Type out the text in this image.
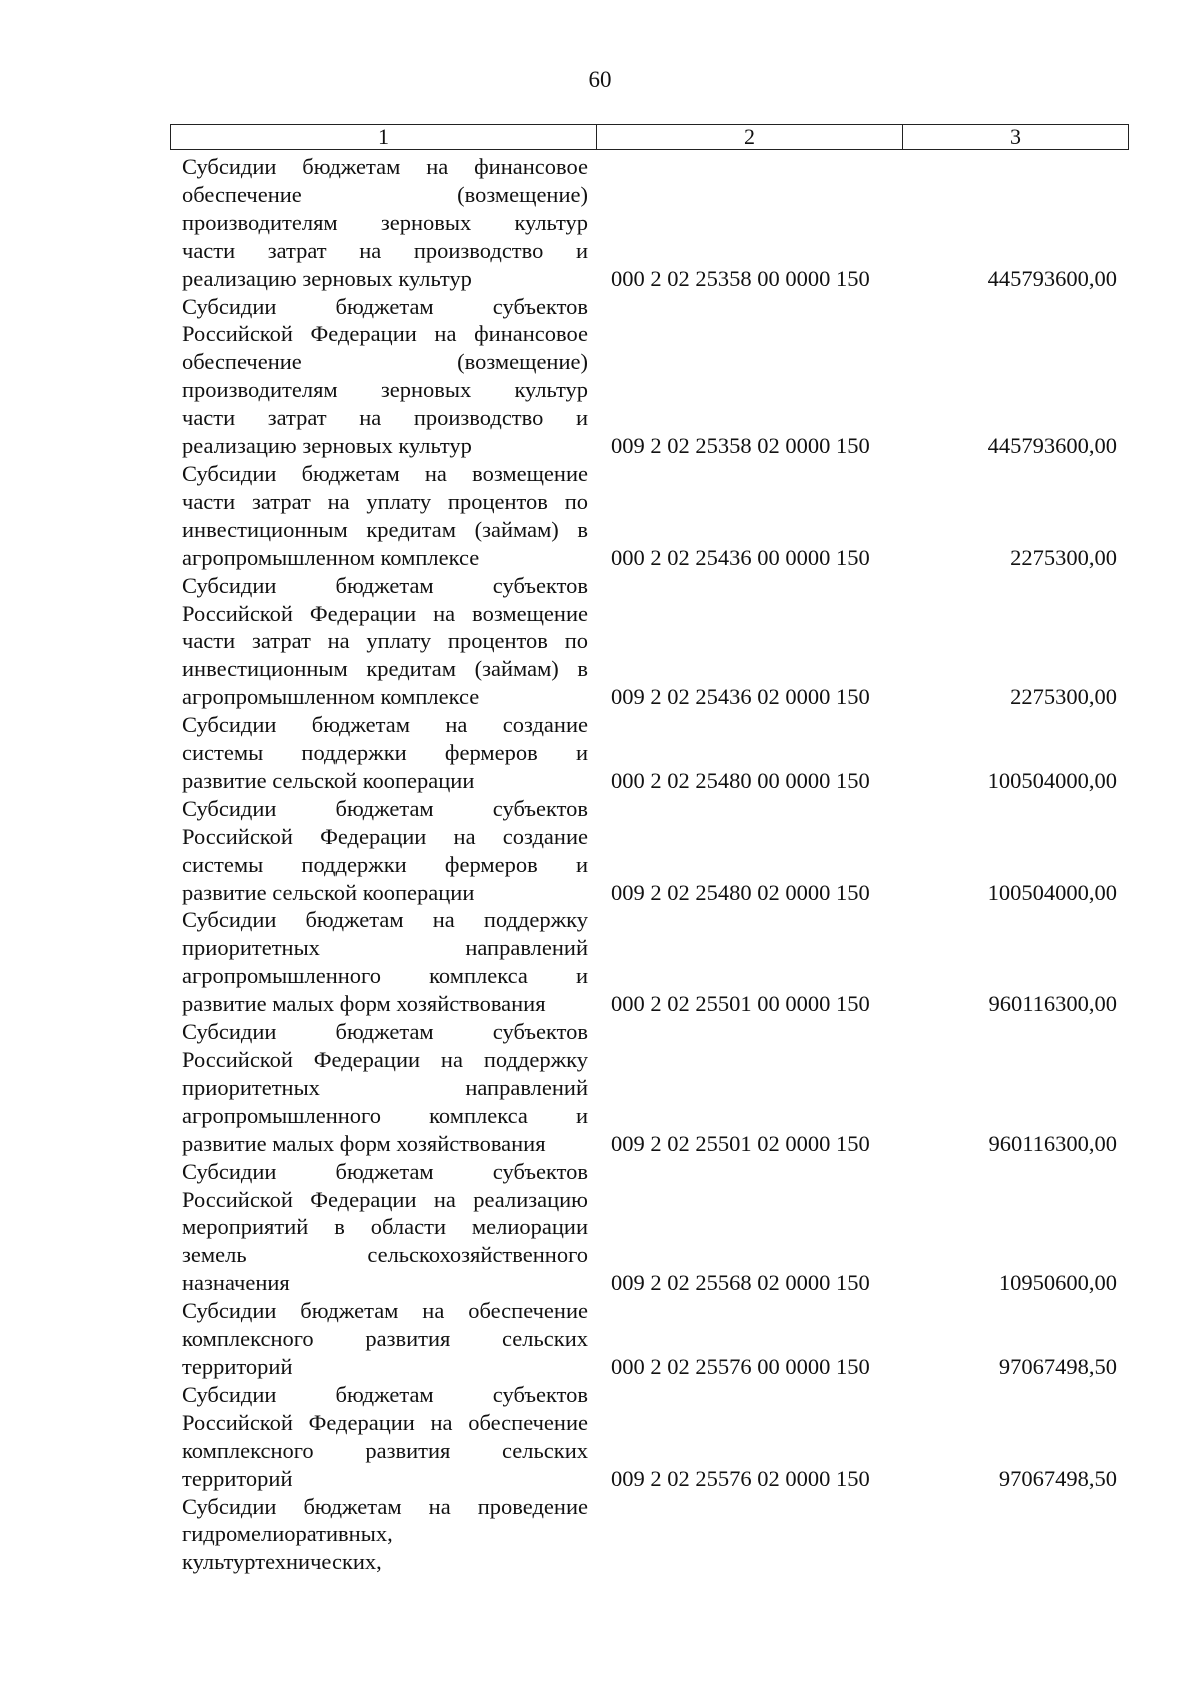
60
1	2	3
Субсидии бюджетам на финансовое
обеспечение (возмещение)
производителям зерновых культур
части затрат на производство и
реализацию зерновых культур	000 2 02 25358 00 0000 150	445793600,00
Субсидии бюджетам субъектов
Российской Федерации на финансовое
обеспечение (возмещение)
производителям зерновых культур
части затрат на производство и
реализацию зерновых культур	009 2 02 25358 02 0000 150	445793600,00
Субсидии бюджетам на возмещение
части затрат на уплату процентов по
инвестиционным кредитам (займам) в
агропромышленном комплексе	000 2 02 25436 00 0000 150	2275300,00
Субсидии бюджетам субъектов
Российской Федерации на возмещение
части затрат на уплату процентов по
инвестиционным кредитам (займам) в
агропромышленном комплексе	009 2 02 25436 02 0000 150	2275300,00
Субсидии бюджетам на создание
системы поддержки фермеров и
развитие сельской кооперации	000 2 02 25480 00 0000 150	100504000,00
Субсидии бюджетам субъектов
Российской Федерации на создание
системы поддержки фермеров и
развитие сельской кооперации	009 2 02 25480 02 0000 150	100504000,00
Субсидии бюджетам на поддержку
приоритетных направлений
агропромышленного комплекса и
развитие малых форм хозяйствования	000 2 02 25501 00 0000 150	960116300,00
Субсидии бюджетам субъектов
Российской Федерации на поддержку
приоритетных направлений
агропромышленного комплекса и
развитие малых форм хозяйствования	009 2 02 25501 02 0000 150	960116300,00
Субсидии бюджетам субъектов
Российской Федерации на реализацию
мероприятий в области мелиорации
земель сельскохозяйственного
назначения	009 2 02 25568 02 0000 150	10950600,00
Субсидии бюджетам на обеспечение
комплексного развития сельских
территорий	000 2 02 25576 00 0000 150	97067498,50
Субсидии бюджетам субъектов
Российской Федерации на обеспечение
комплексного развития сельских
территорий	009 2 02 25576 02 0000 150	97067498,50
Субсидии бюджетам на проведение
гидромелиоративных,
культуртехнических,
